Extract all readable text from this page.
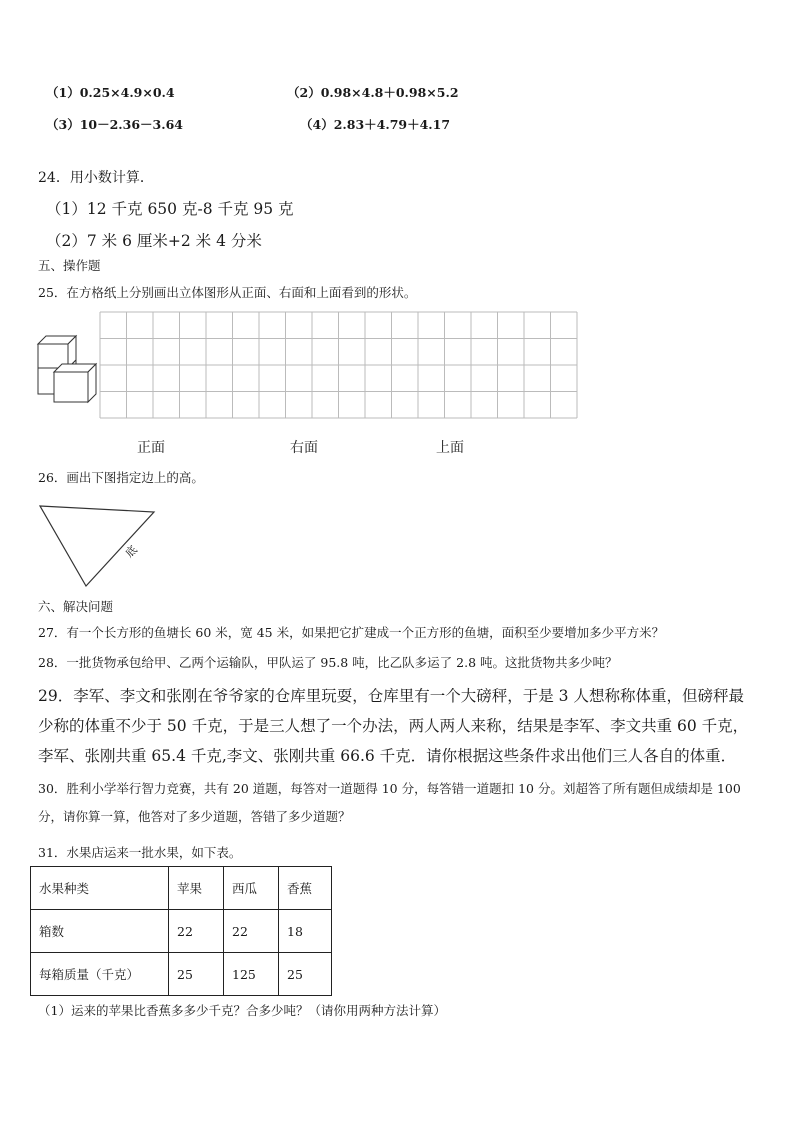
（1）0.25×4.9×0.4	（2）0.98×4.8＋0.98×5.2
（3）10－2.36－3.64	（4）2.83＋4.79＋4.17
24．用小数计算．
（1）12 千克 650 克-8 千克 95 克
（2）7 米 6 厘米+2 米 4 分米
五、操作题
25．在方格纸上分别画出立体图形从正面、右面和上面看到的形状。
正面	右面	上面
26．画出下图指定边上的高。
底
六、解决问题
27．有一个长方形的鱼塘长 60 米，宽 45 米，如果把它扩建成一个正方形的鱼塘，面积至少要增加多少平方米？
28．一批货物承包给甲、乙两个运输队，甲队运了 95.8 吨，比乙队多运了 2.8 吨。这批货物共多少吨？
29．李军、李文和张刚在爷爷家的仓库里玩耍，仓库里有一个大磅秤，于是 3 人想称称体重，但磅秤最少称的体重不少于 50 千克，于是三人想了一个办法，两人两人来称，结果是李军、李文共重 60 千克，李军、张刚共重 65.4 千克,李文、张刚共重 66.6 千克．请你根据这些条件求出他们三人各自的体重．
30．胜利小学举行智力竞赛，共有 20 道题，每答对一道题得 10 分，每答错一道题扣 10 分。刘超答了所有题但成绩却是 100 分，请你算一算，他答对了多少道题，答错了多少道题？
31．水果店运来一批水果，如下表。
水果种类	苹果	西瓜	香蕉
箱数	22	22	18
每箱质量（千克）	25	125	25
（1）运来的苹果比香蕉多多少千克？合多少吨？（请你用两种方法计算）
